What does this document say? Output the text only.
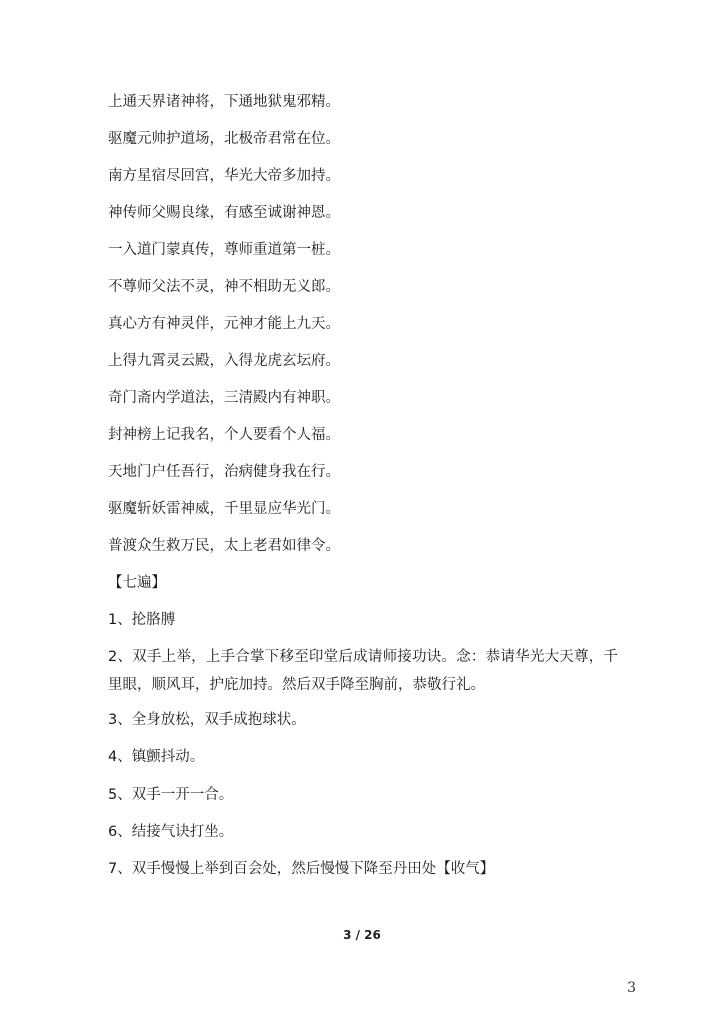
上通天界诸神将，下通地狱鬼邪精。
驱魔元帅护道场，北极帝君常在位。
南方星宿尽回宫，华光大帝多加持。
神传师父赐良缘，有感至诚谢神恩。
一入道门蒙真传，尊师重道第一桩。
不尊师父法不灵，神不相助无义郎。
真心方有神灵伴，元神才能上九天。
上得九霄灵云殿，入得龙虎玄坛府。
奇门斋内学道法，三清殿内有神职。
封神榜上记我名，个人要看个人福。
天地门户任吾行，治病健身我在行。
驱魔斩妖雷神威，千里显应华光门。
普渡众生救万民，太上老君如律令。
【七遍】
1、抡胳膊
2、双手上举，上手合掌下移至印堂后成请师接功诀。念：恭请华光大天尊，千里眼，顺风耳，护庇加持。然后双手降至胸前，恭敬行礼。
3、全身放松，双手成抱球状。
4、镇颤抖动。
5、双手一开一合。
6、结接气诀打坐。
7、双手慢慢上举到百会处，然后慢慢下降至丹田处【收气】
3 / 26
3
